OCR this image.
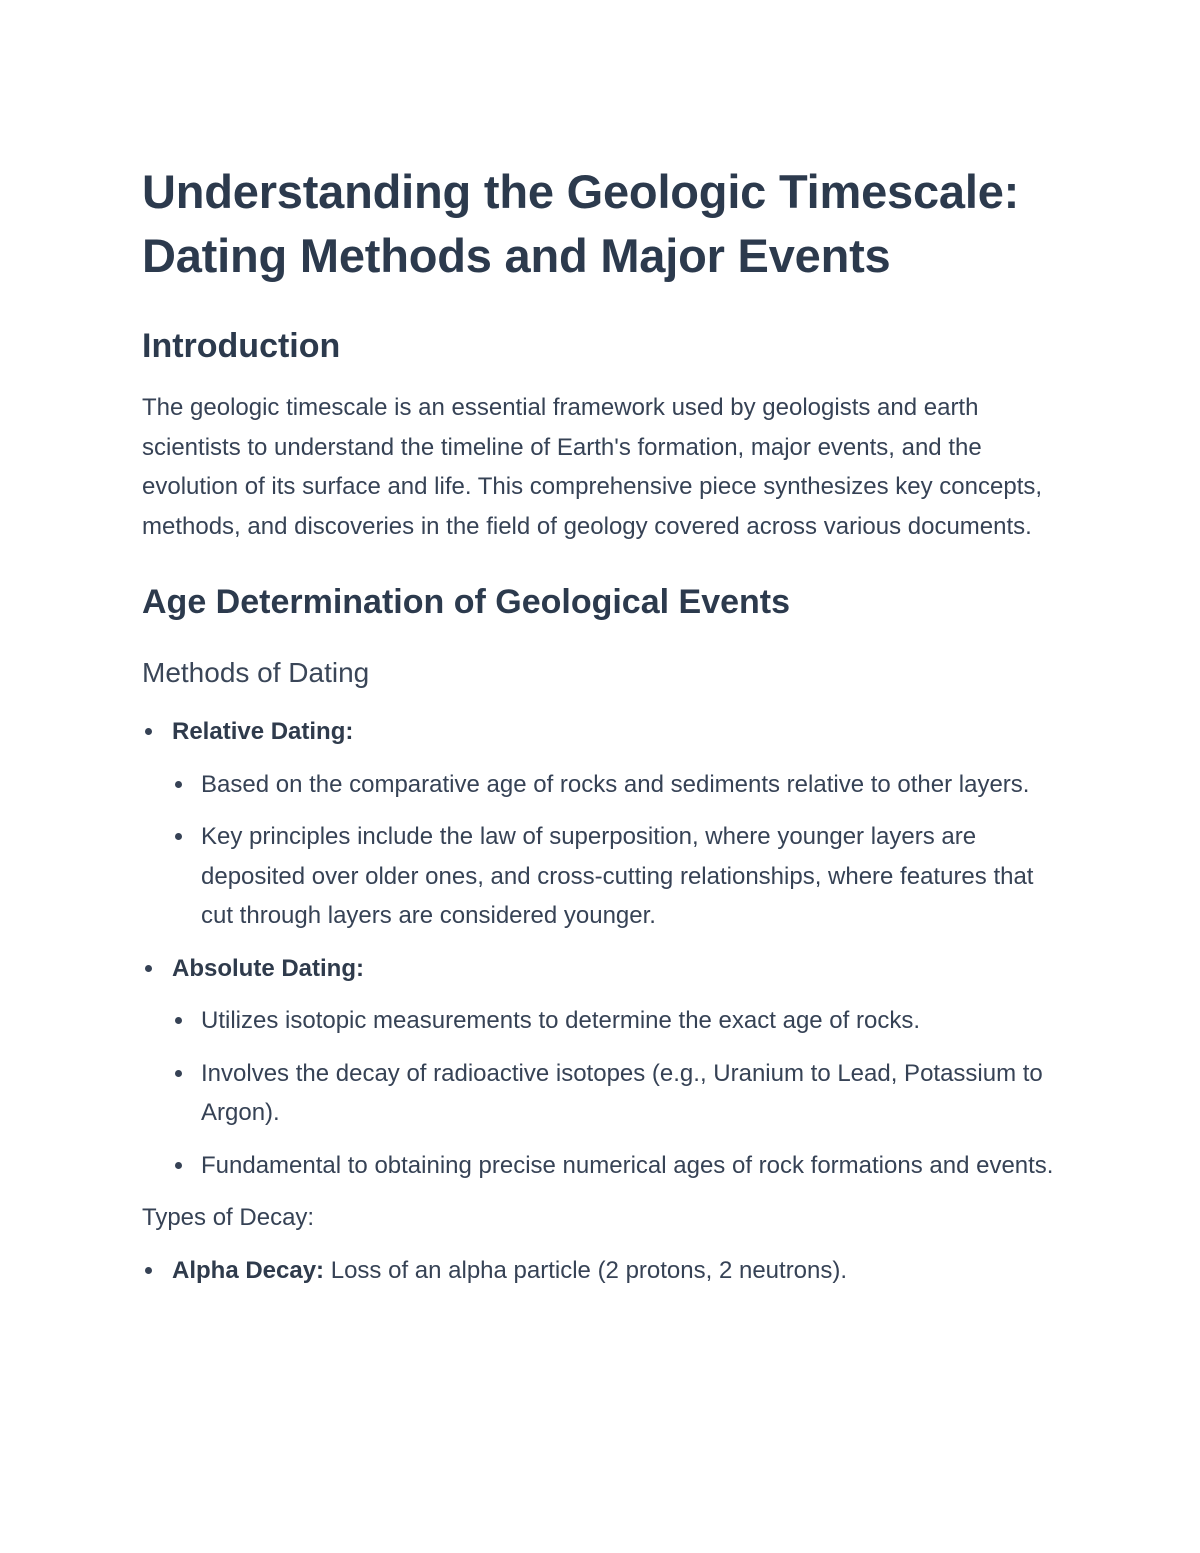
Understanding the Geologic Timescale: Dating Methods and Major Events
Introduction

The geologic timescale is an essential framework used by geologists and earth scientists to understand the timeline of Earth's formation, major events, and the evolution of its surface and life. This comprehensive piece synthesizes key concepts, methods, and discoveries in the field of geology covered across various documents.

Age Determination of Geological Events
Methods of Dating
Relative Dating:
Based on the comparative age of rocks and sediments relative to other layers.
Key principles include the law of superposition, where younger layers are deposited over older ones, and cross-cutting relationships, where features that cut through layers are considered younger.
Absolute Dating:
Utilizes isotopic measurements to determine the exact age of rocks.
Involves the decay of radioactive isotopes (e.g., Uranium to Lead, Potassium to Argon).
Fundamental to obtaining precise numerical ages of rock formations and events.

Types of Decay:

Alpha Decay: Loss of an alpha particle (2 protons, 2 neutrons).
